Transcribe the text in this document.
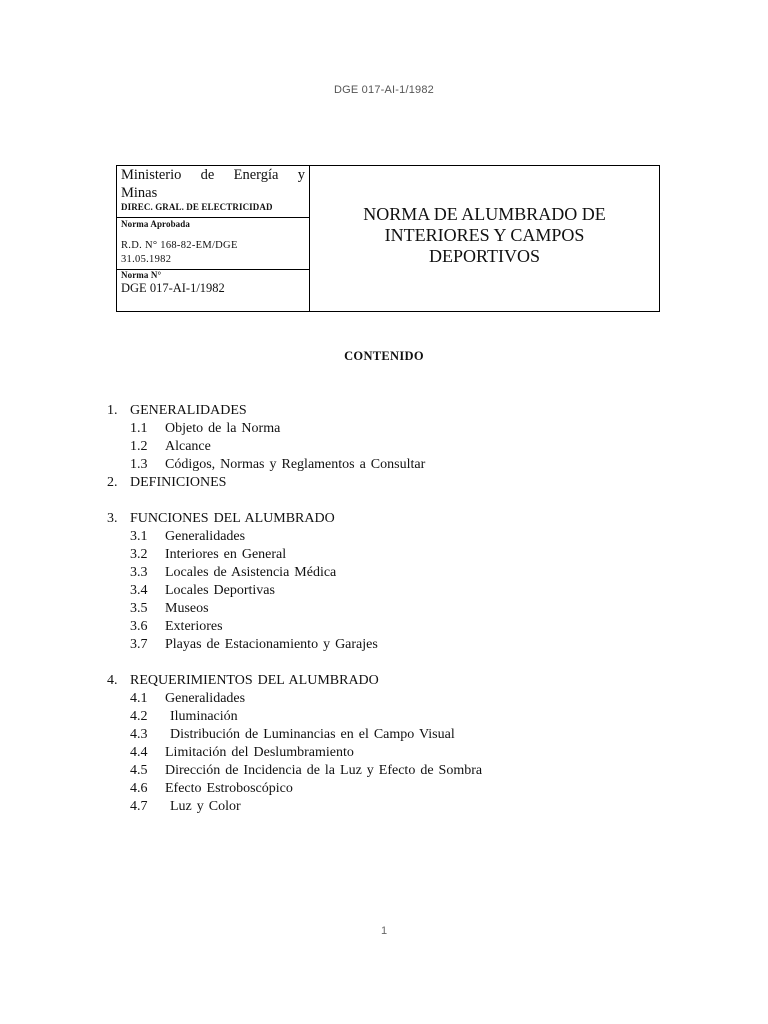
DGE 017-AI-1/1982
Ministerio de Energía y Minas
DIREC. GRAL. DE ELECTRICIDAD
Norma Aprobada
R.D. N° 168-82-EM/DGE
31.05.1982
Norma N°
DGE 017-AI-1/1982
NORMA DE ALUMBRADO DE INTERIORES Y CAMPOS DEPORTIVOS
CONTENIDO
1. GENERALIDADES
1.1 Objeto de la Norma
1.2 Alcance
1.3 Códigos, Normas y Reglamentos a Consultar
2. DEFINICIONES
3. FUNCIONES DEL ALUMBRADO
3.1 Generalidades
3.2 Interiores en General
3.3 Locales de Asistencia Médica
3.4 Locales Deportivas
3.5 Museos
3.6 Exteriores
3.7 Playas de Estacionamiento y Garajes
4. REQUERIMIENTOS DEL ALUMBRADO
4.1 Generalidades
4.2 Iluminación
4.3 Distribución de Luminancias en el Campo Visual
4.4 Limitación del Deslumbramiento
4.5 Dirección de Incidencia de la Luz y Efecto de Sombra
4.6 Efecto Estroboscópico
4.7 Luz y Color
1
